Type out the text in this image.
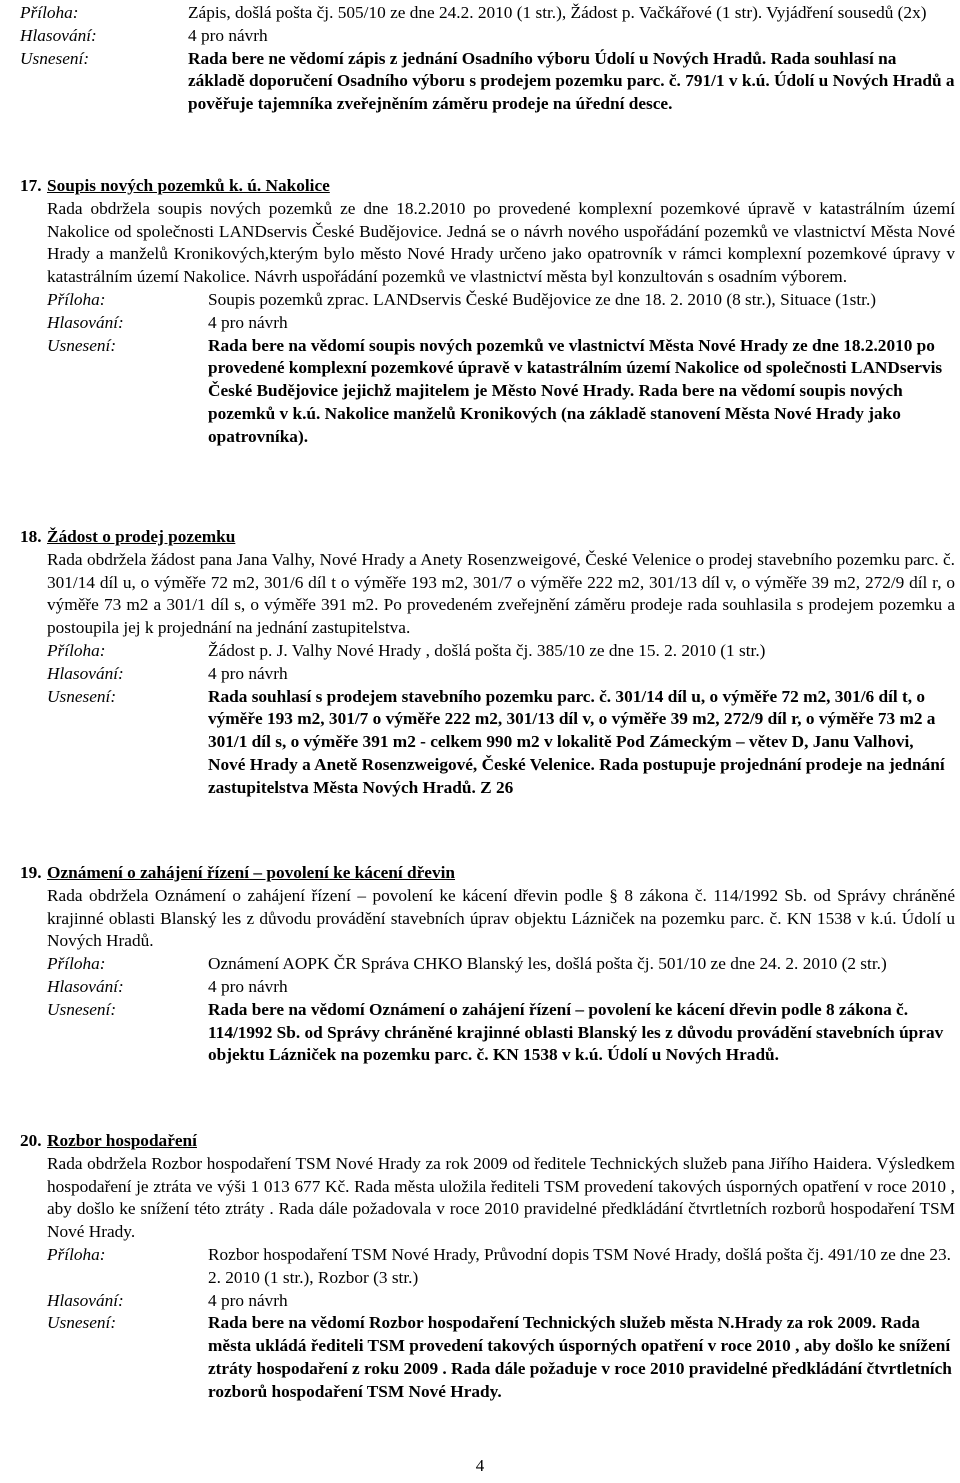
Příloha:	Zápis, došlá pošta čj. 505/10 ze dne 24.2. 2010 (1 str.), Žádost p. Vačkářové (1 str). Vyjádření sousedů (2x)
Hlasování:	4 pro návrh
Usnesení:	Rada bere ne vědomí zápis z jednání Osadního výboru Údolí u Nových Hradů. Rada souhlasí na základě doporučení Osadního výboru s prodejem pozemku parc. č. 791/1 v k.ú. Údolí u Nových Hradů a pověřuje tajemníka zveřejněním záměru prodeje na úřední desce.
17. Soupis nových pozemků k. ú. Nakolice
Rada obdržela soupis nových pozemků ze dne 18.2.2010 po provedené komplexní pozemkové úpravě v katastrálním území Nakolice od společnosti LANDservis České Budějovice. Jedná se o návrh nového uspořádání pozemků ve vlastnictví Města Nové Hrady a manželů Kronikových,kterým bylo město Nové Hrady určeno jako opatrovník v rámci komplexní pozemkové úpravy v katastrálním území Nakolice. Návrh uspořádání pozemků ve vlastnictví města byl konzultován s osadním výborem.
Příloha:	Soupis pozemků zprac. LANDservis České Budějovice ze dne 18. 2. 2010 (8 str.), Situace (1str.)
Hlasování:	4 pro návrh
Usnesení:	Rada bere na vědomí soupis nových pozemků ve vlastnictví Města Nové Hrady ze dne 18.2.2010 po provedené komplexní pozemkové úpravě v katastrálním území Nakolice od společnosti LANDservis České Budějovice jejichž majitelem je Město Nové Hrady. Rada bere na vědomí soupis nových pozemků v k.ú. Nakolice manželů Kronikových (na základě stanovení Města Nové Hrady jako opatrovníka).
18. Žádost o prodej pozemku
Rada obdržela žádost pana Jana Valhy, Nové Hrady a Anety Rosenzweigové, České Velenice o prodej stavebního pozemku parc. č. 301/14 díl u, o výměře 72 m2, 301/6 díl t o výměře 193 m2, 301/7 o výměře 222 m2, 301/13 díl v, o výměře 39 m2, 272/9 díl r, o výměře 73 m2 a 301/1 díl s, o výměře 391 m2. Po provedeném zveřejnění záměru prodeje rada souhlasila s prodejem pozemku a postoupila jej k projednání na jednání zastupitelstva.
Příloha:	Žádost p. J. Valhy Nové Hrady , došlá pošta čj. 385/10 ze dne 15. 2. 2010 (1 str.)
Hlasování:	4 pro návrh
Usnesení:	Rada souhlasí s prodejem stavebního pozemku parc. č. 301/14 díl u, o výměře 72 m2, 301/6 díl t, o výměře 193 m2, 301/7 o výměře 222 m2, 301/13 díl v, o výměře 39 m2, 272/9 díl r, o výměře 73 m2 a 301/1 díl s, o výměře 391 m2 - celkem 990 m2 v lokalitě Pod Zámeckým – větev D, Janu Valhovi, Nové Hrady a Anetě Rosenzweigové, České Velenice. Rada postupuje projednání prodeje na jednání zastupitelstva Města Nových Hradů. Z 26
19. Oznámení o zahájení řízení – povolení ke kácení dřevin
Rada obdržela Oznámení o zahájení řízení – povolení ke kácení dřevin podle § 8 zákona č. 114/1992 Sb. od Správy chráněné krajinné oblasti Blanský les z důvodu provádění stavebních úprav objektu Lázniček na pozemku parc. č. KN 1538 v k.ú. Údolí u Nových Hradů.
Příloha:	Oznámení AOPK ČR Správa CHKO Blanský les, došlá pošta čj. 501/10 ze dne 24. 2. 2010 (2 str.)
Hlasování:	4 pro návrh
Usnesení:	Rada bere na vědomí Oznámení o zahájení řízení – povolení ke kácení dřevin podle 8 zákona č. 114/1992 Sb. od Správy chráněné krajinné oblasti Blanský les z důvodu provádění stavebních úprav objektu Lázniček na pozemku parc. č. KN 1538 v k.ú. Údolí u Nových Hradů.
20. Rozbor hospodaření
Rada obdržela Rozbor hospodaření TSM Nové Hrady za rok 2009 od ředitele Technických služeb pana Jiřího Haidera. Výsledkem hospodaření je ztráta ve výši 1 013 677 Kč. Rada města uložila řediteli TSM provedení takových úsporných opatření v roce 2010 , aby došlo ke snížení této ztráty . Rada dále požadovala v roce 2010 pravidelné předkládání čtvrtletních rozborů hospodaření TSM Nové Hrady.
Příloha:	Rozbor hospodaření TSM Nové Hrady, Průvodní dopis TSM Nové Hrady, došlá pošta čj. 491/10 ze dne 23. 2. 2010 (1 str.), Rozbor (3 str.)
Hlasování:	4 pro návrh
Usnesení:	Rada bere na vědomí Rozbor hospodaření Technických služeb města N.Hrady za rok 2009. Rada města ukládá řediteli TSM provedení takových úsporných opatření v roce 2010 , aby došlo ke snížení ztráty hospodaření z roku 2009 . Rada dále požaduje v roce 2010 pravidelné předkládání čtvrtletních rozborů hospodaření TSM Nové Hrady.
4
